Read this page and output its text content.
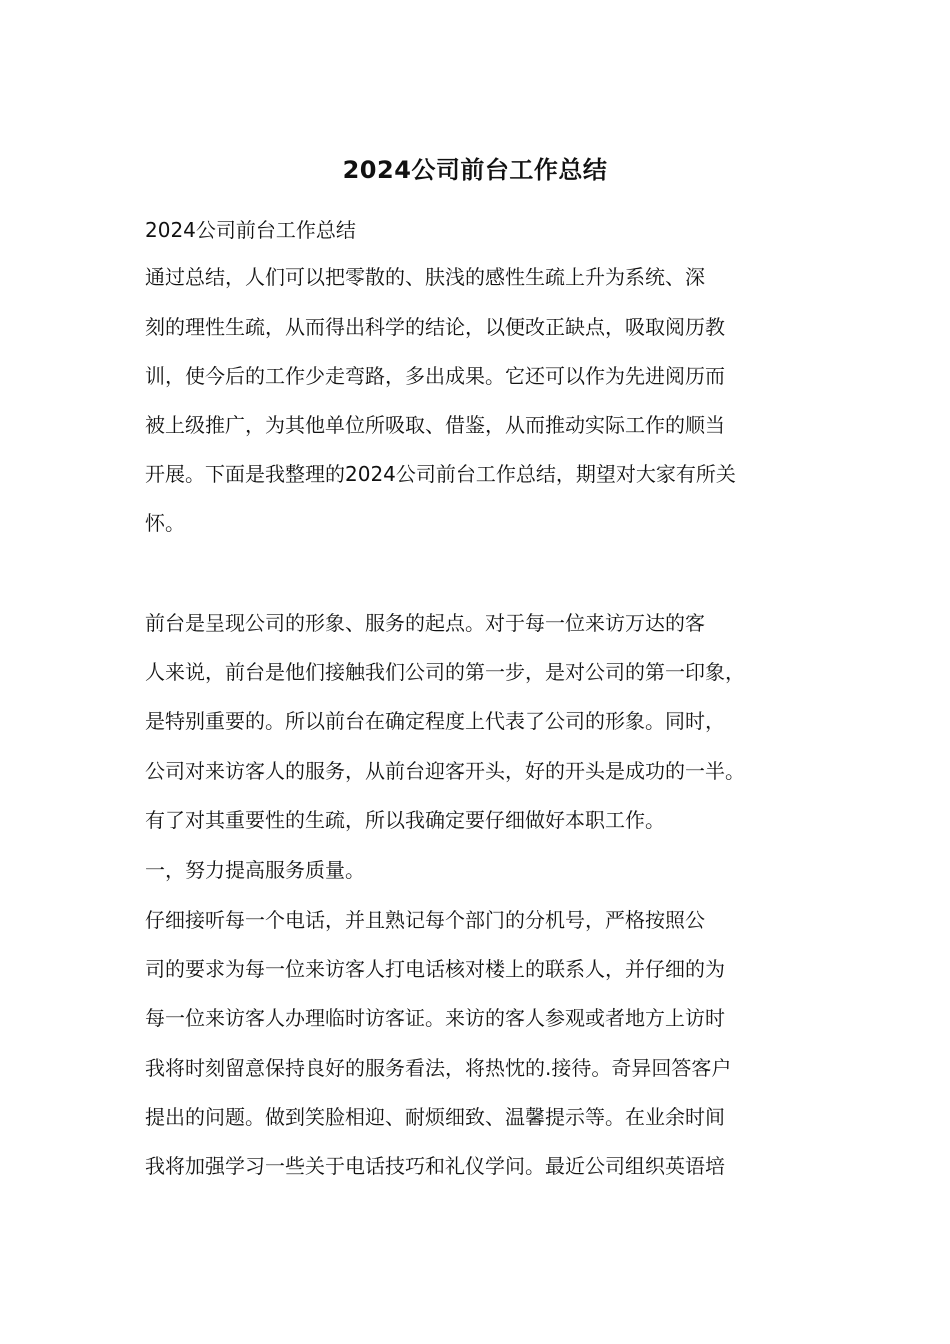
2024公司前台工作总结
2024公司前台工作总结
通过总结，人们可以把零散的、肤浅的感性生疏上升为系统、深
刻的理性生疏，从而得出科学的结论，以便改正缺点，吸取阅历教
训，使今后的工作少走弯路，多出成果。它还可以作为先进阅历而
被上级推广，为其他单位所吸取、借鉴，从而推动实际工作的顺当
开展。下面是我整理的2024公司前台工作总结，期望对大家有所关
怀。
前台是呈现公司的形象、服务的起点。对于每一位来访万达的客
人来说，前台是他们接触我们公司的第一步，是对公司的第一印象，
是特别重要的。所以前台在确定程度上代表了公司的形象。同时，
公司对来访客人的服务，从前台迎客开头，好的开头是成功的一半。
有了对其重要性的生疏，所以我确定要仔细做好本职工作。
一，努力提高服务质量。
仔细接听每一个电话，并且熟记每个部门的分机号，严格按照公
司的要求为每一位来访客人打电话核对楼上的联系人，并仔细的为
每一位来访客人办理临时访客证。来访的客人参观或者地方上访时
我将时刻留意保持良好的服务看法，将热忱的.接待。奇异回答客户
提出的问题。做到笑脸相迎、耐烦细致、温馨提示等。在业余时间
我将加强学习一些关于电话技巧和礼仪学问。最近公司组织英语培
